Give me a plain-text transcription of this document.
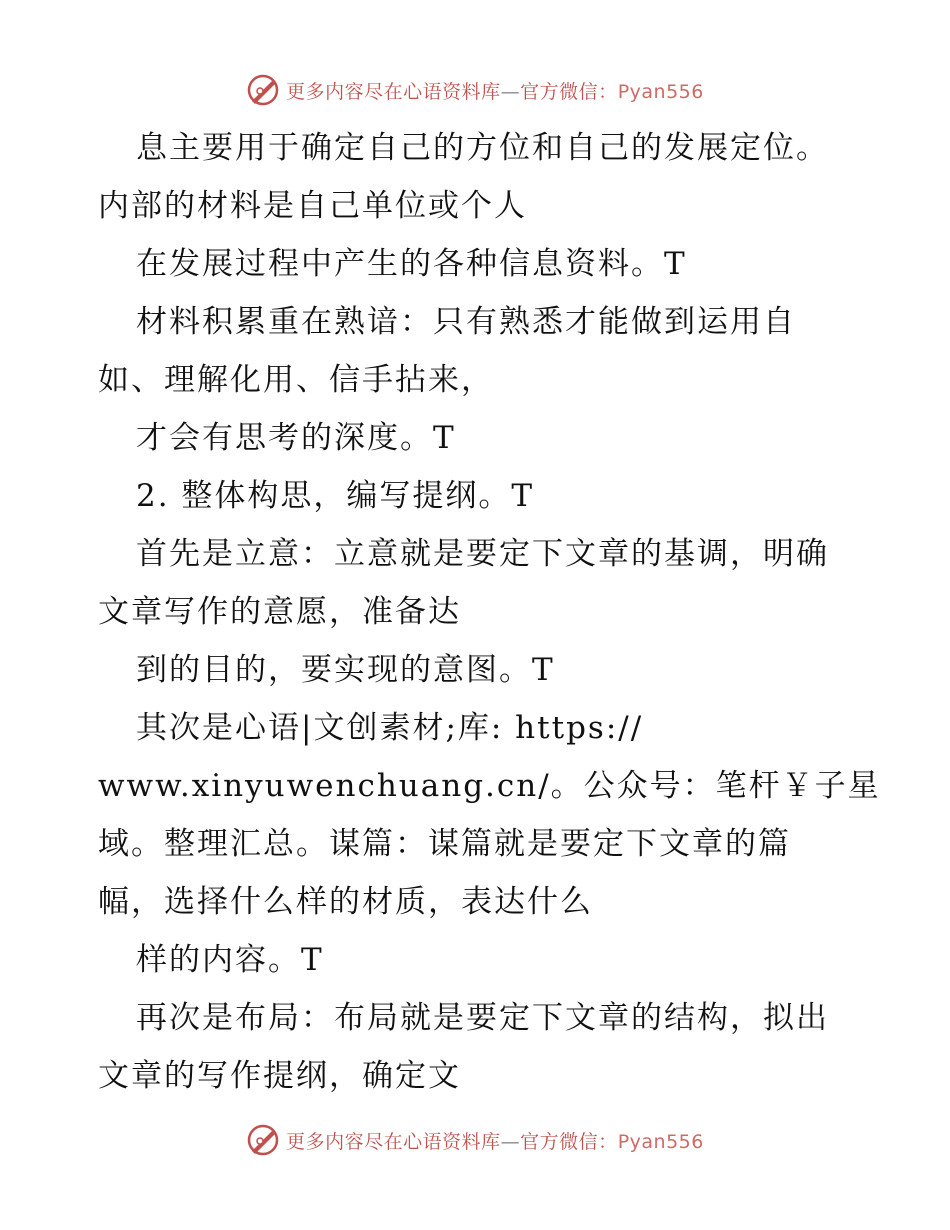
更多内容尽在心语资料库—官方微信：Pyan556
息主要用于确定自己的方位和自己的发展定位。
内部的材料是自己单位或个人
在发展过程中产生的各种信息资料。T
材料积累重在熟谙：只有熟悉才能做到运用自
如、理解化用、信手拈来，
才会有思考的深度。T
2. 整体构思，编写提纲。T
首先是立意：立意就是要定下文章的基调，明确
文章写作的意愿，准备达
到的目的，要实现的意图。T
其次是心语|文创素材;库: https://
www.xinyuwenchuang.cn/。公众号：笔杆￥子星
域。整理汇总。谋篇：谋篇就是要定下文章的篇
幅，选择什么样的材质，表达什么
样的内容。T
再次是布局：布局就是要定下文章的结构，拟出
文章的写作提纲，确定文
更多内容尽在心语资料库—官方微信：Pyan556
